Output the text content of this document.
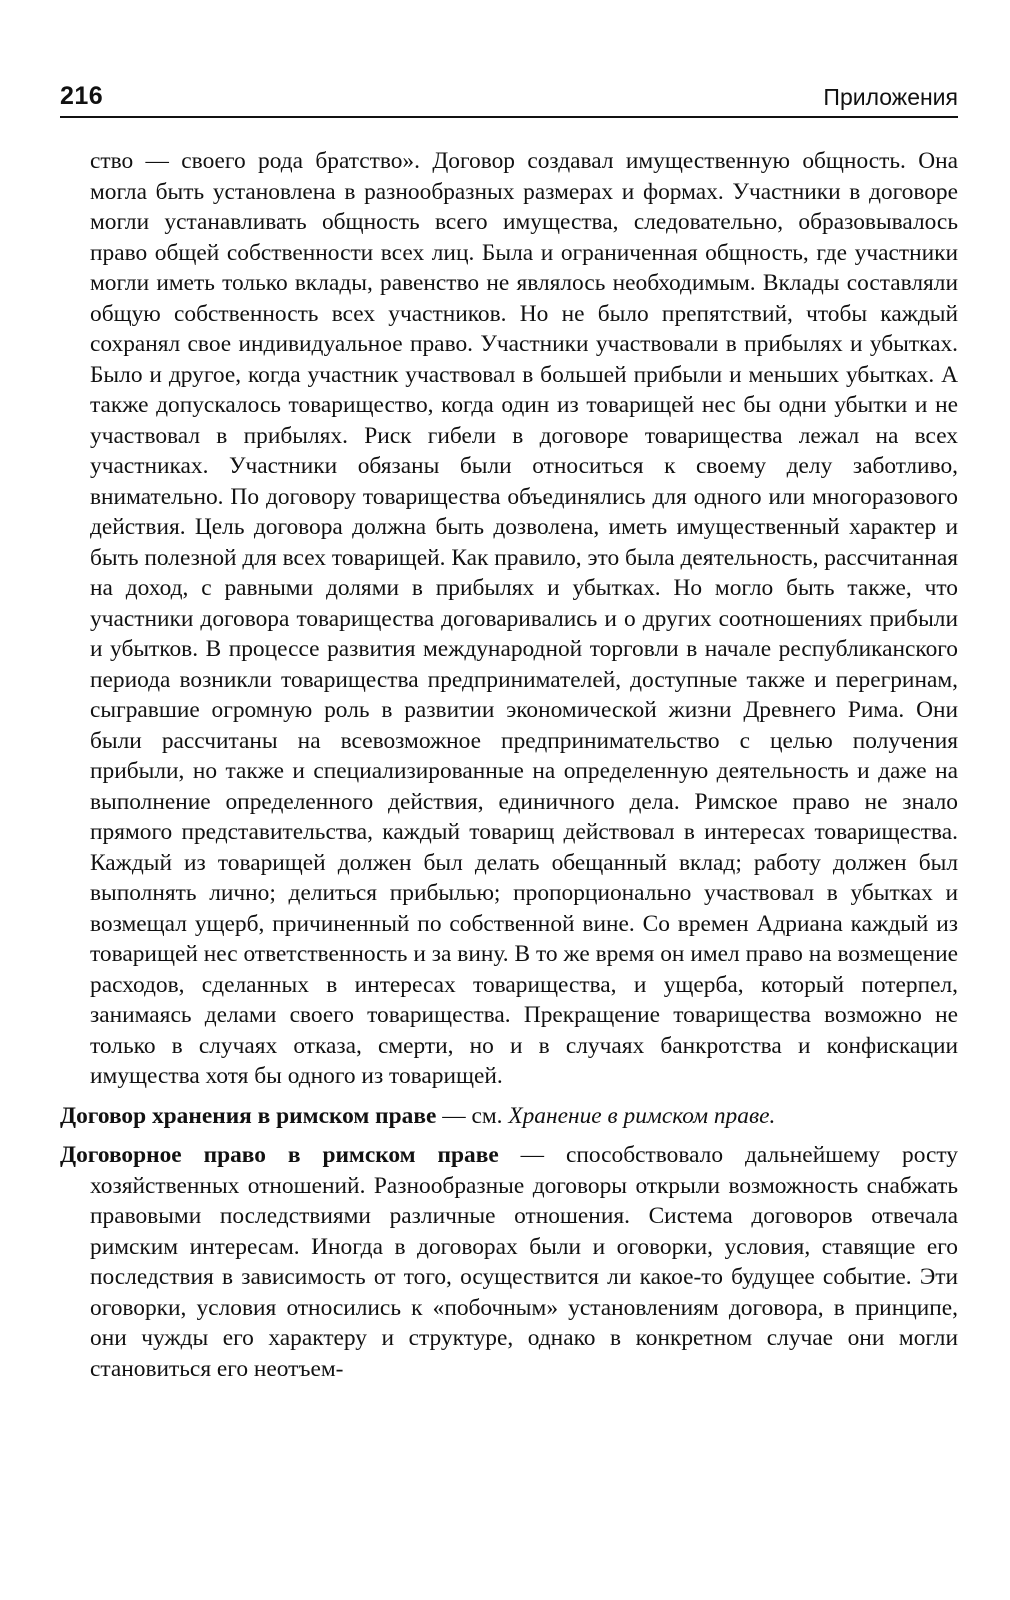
216	Приложения

ство — своего рода братство». Договор создавал имущественную общность. Она могла быть установлена в разнообразных размерах и формах. Участники в договоре могли устанавливать общность всего имущества, следовательно, образовывалось право общей собственности всех лиц. Была и ограниченная общность, где участники могли иметь только вклады, равенство не являлось необходимым. Вклады составляли общую собственность всех участников. Но не было препятствий, чтобы каждый сохранял свое индивидуальное право. Участники участвовали в прибылях и убытках. Было и другое, когда участник участвовал в большей прибыли и меньших убытках. А также допускалось товарищество, когда один из товарищей нес бы одни убытки и не участвовал в прибылях. Риск гибели в договоре товарищества лежал на всех участниках. Участники обязаны были относиться к своему делу заботливо, внимательно. По договору товарищества объединялись для одного или многоразового действия. Цель договора должна быть дозволена, иметь имущественный характер и быть полезной для всех товарищей. Как правило, это была деятельность, рассчитанная на доход, с равными долями в прибылях и убытках. Но могло быть также, что участники договора товарищества договаривались и о других соотношениях прибыли и убытков. В процессе развития международной торговли в начале республиканского периода возникли товарищества предпринимателей, доступные также и перегринам, сыгравшие огромную роль в развитии экономической жизни Древнего Рима. Они были рассчитаны на всевозможное предпринимательство с целью получения прибыли, но также и специализированные на определенную деятельность и даже на выполнение определенного действия, единичного дела. Римское право не знало прямого представительства, каждый товарищ действовал в интересах товарищества. Каждый из товарищей должен был делать обещанный вклад; работу должен был выполнять лично; делиться прибылью; пропорционально участвовал в убытках и возмещал ущерб, причиненный по собственной вине. Со времен Адриана каждый из товарищей нес ответственность и за вину. В то же время он имел право на возмещение расходов, сделанных в интересах товарищества, и ущерба, который потерпел, занимаясь делами своего товарищества. Прекращение товарищества возможно не только в случаях отказа, смерти, но и в случаях банкротства и конфискации имущества хотя бы одного из товарищей.

Договор хранения в римском праве — см. Хранение в римском праве.

Договорное право в римском праве — способствовало дальнейшему росту хозяйственных отношений. Разнообразные договоры открыли возможность снабжать правовыми последствиями различные отношения. Система договоров отвечала римским интересам. Иногда в договорах были и оговорки, условия, ставящие его последствия в зависимость от того, осуществится ли какое-то будущее событие. Эти оговорки, условия относились к «побочным» установлениям договора, в принципе, они чужды его характеру и структуре, однако в конкретном случае они могли становиться его неотъем-
